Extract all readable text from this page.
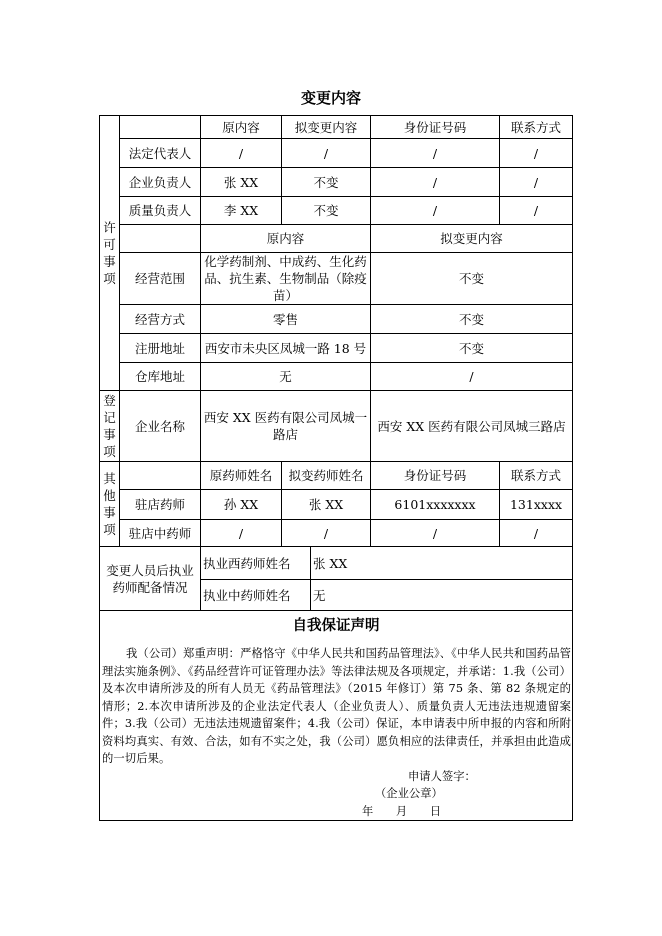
变更内容
许可事项		原内容	拟变更内容		身份证号码	联系方式
	法定代表人	/	/		/	/
	企业负责人	张 XX	不变		/	/
	质量负责人	李 XX	不变		/	/
		原内容			拟变更内容	
	经营范围	化学药制剂、中成药、生化药品、抗生素、生物制品（除疫苗）			不变	
	经营方式	零售			不变	
	注册地址	西安市未央区凤城一路 18 号			不变	
	仓库地址	无			/	
登记事项	企业名称	西安 XX 医药有限公司凤城一路店			西安 XX 医药有限公司凤城三路店	
其他事项		原药师姓名	拟变药师姓名		身份证号码	联系方式
	驻店药师	孙 XX	张 XX		6101xxxxxxx	131xxxx
	驻店中药师	/	/		/	/
变更人员后执业药师配备情况		执业西药师姓名		张 XX		
		执业中药师姓名		无		

自我保证声明
我（公司）郑重声明：严格恪守《中华人民共和国药品管理法》、《中华人民共和国药品管理法实施条例》、《药品经营许可证管理办法》等法律法规及各项规定，并承诺：1.我（公司）及本次申请所涉及的所有人员无《药品管理法》（2015 年修订）第 75 条、第 82 条规定的情形；2.本次申请所涉及的企业法定代表人（企业负责人）、质量负责人无违法违规遗留案件；3.我（公司）无违法违规遗留案件；4.我（公司）保证，本申请表中所申报的内容和所附资料均真实、有效、合法，如有不实之处，我（公司）愿负相应的法律责任，并承担由此造成的一切后果。
申请人签字：
（企业公章）
年　　月　　日						
